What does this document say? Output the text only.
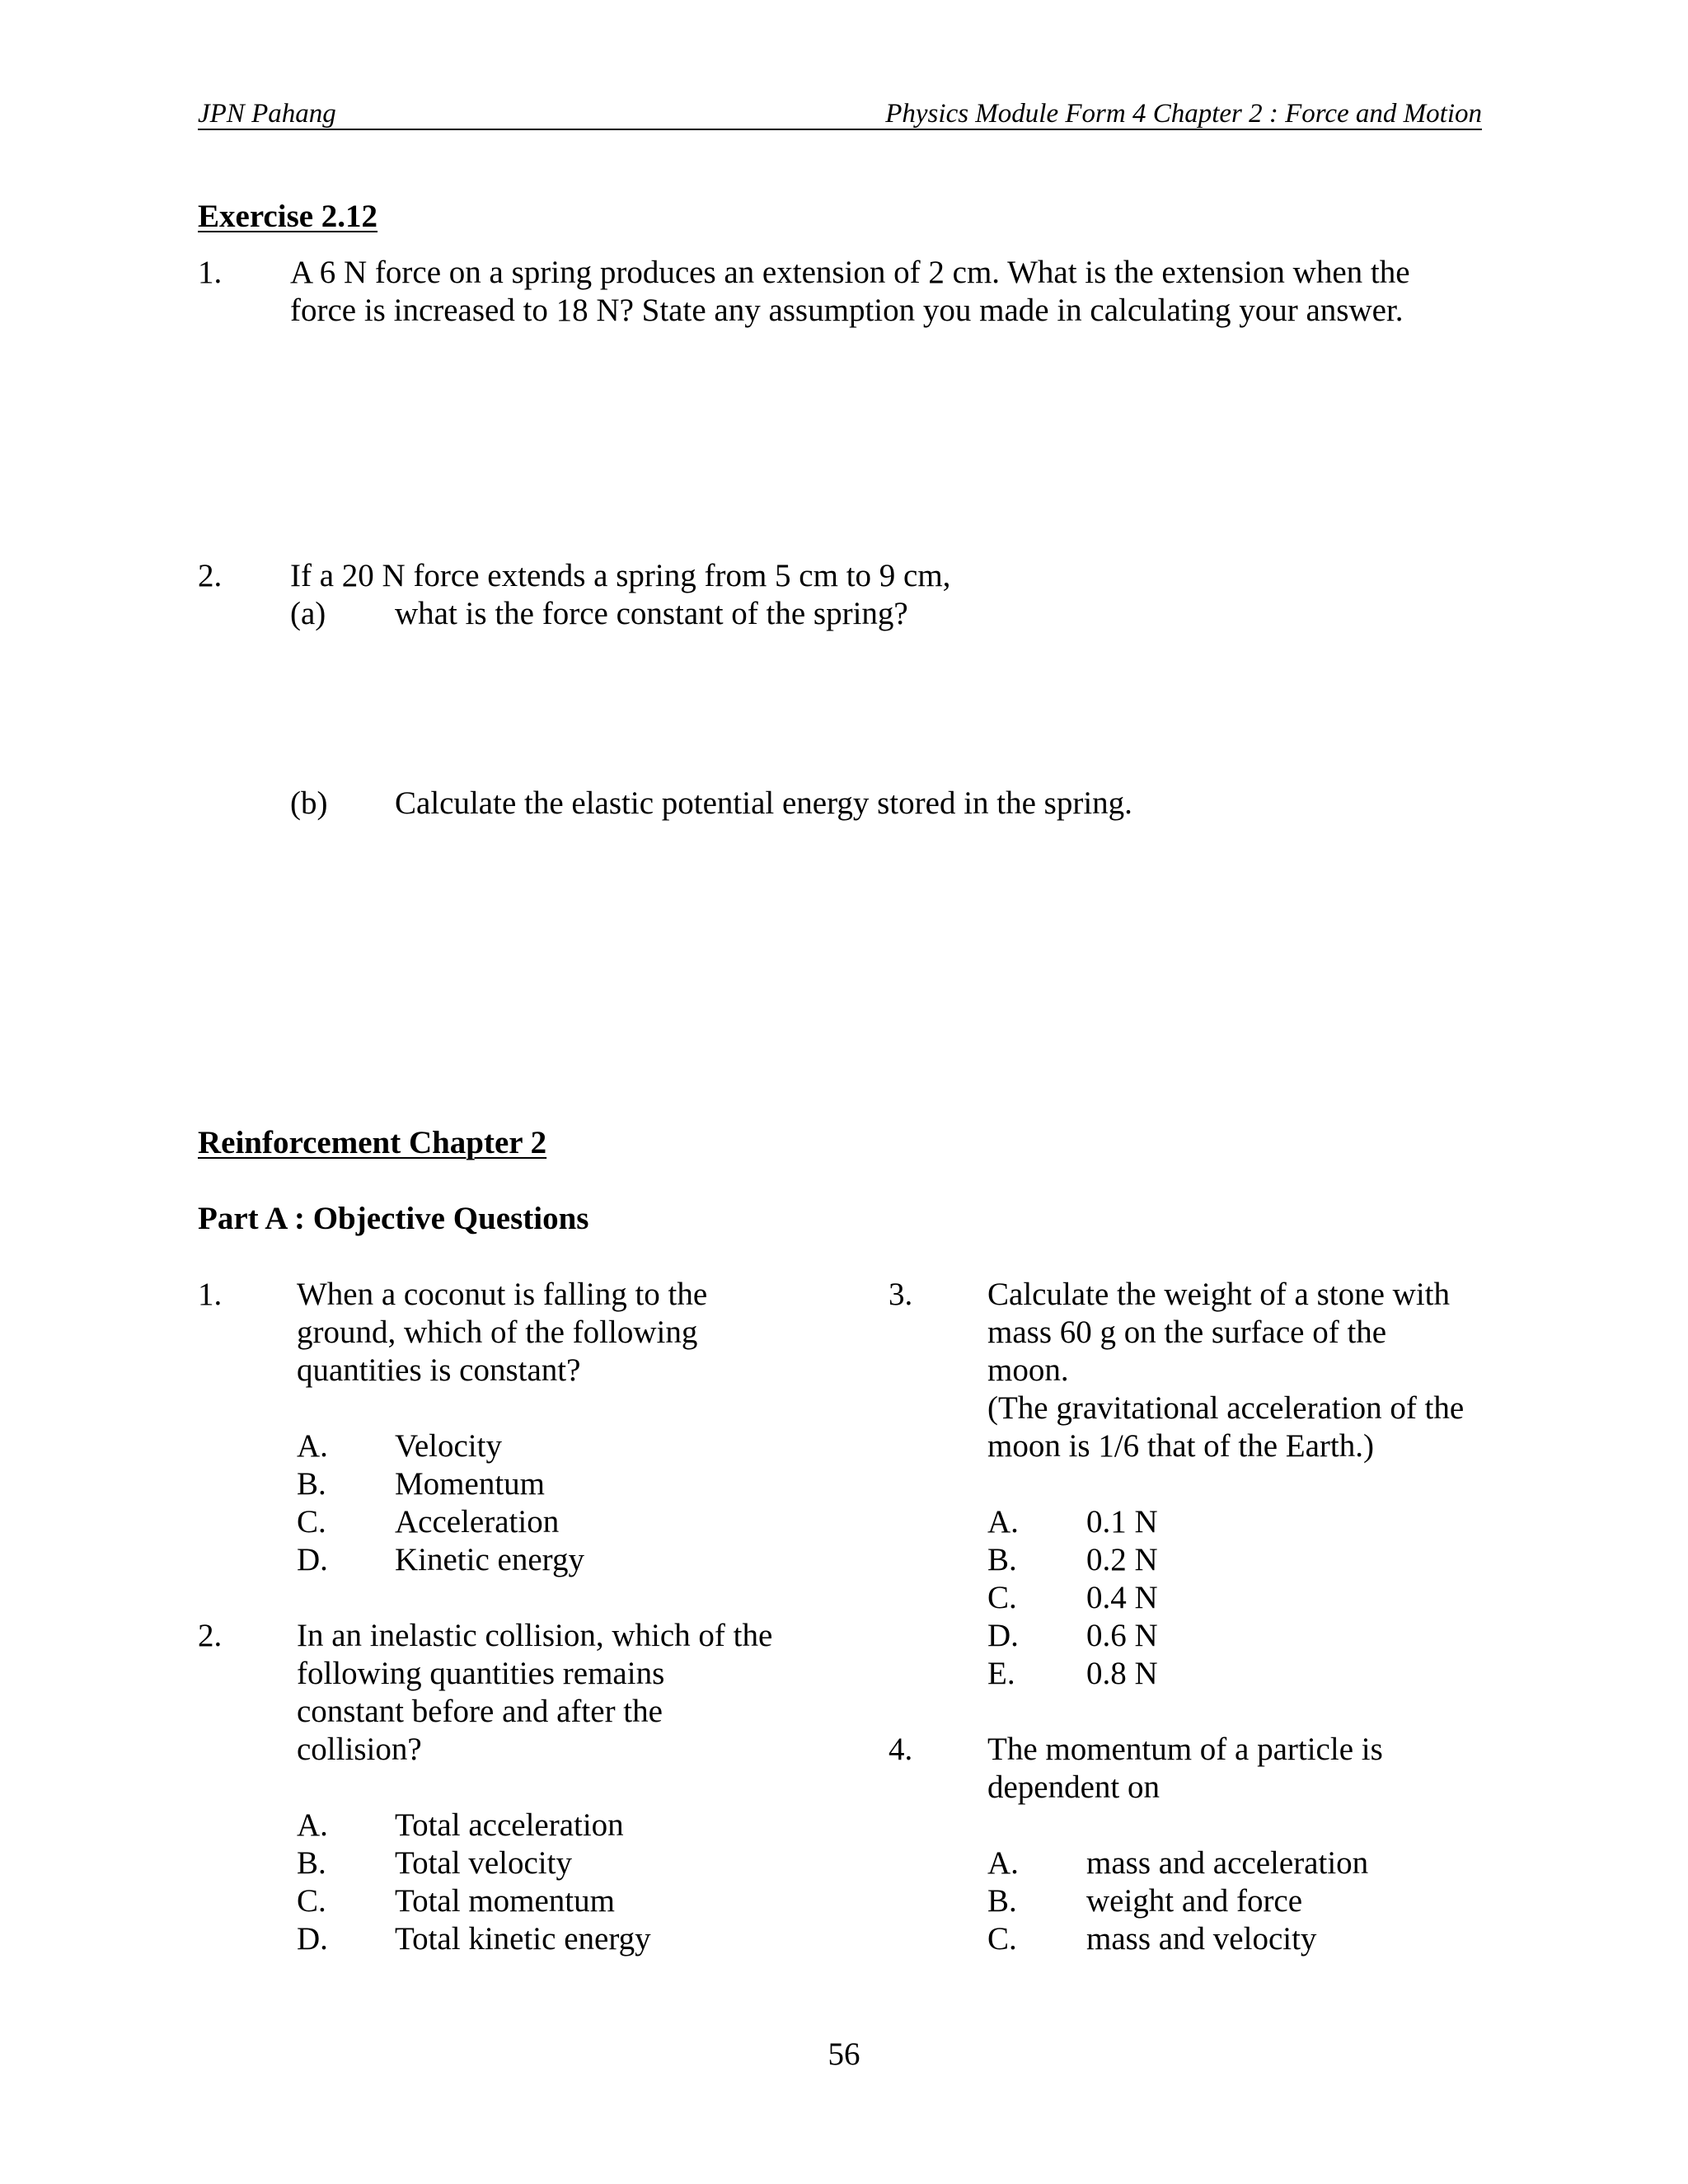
JPN Pahang	Physics Module Form 4 Chapter 2 : Force and Motion
Exercise 2.12
1. A 6 N force on a spring produces an extension of 2 cm. What is the extension when the
force is increased to 18 N? State any assumption you made in calculating your answer.
2. If a 20 N force extends a spring from 5 cm to 9 cm,
(a) what is the force constant of the spring?
(b) Calculate the elastic potential energy stored in the spring.
Reinforcement Chapter 2
Part A : Objective Questions
1. When a coconut is falling to the
ground, which of the following
quantities is constant?
A. Velocity
B. Momentum
C. Acceleration
D. Kinetic energy
2. In an inelastic collision, which of the
following quantities remains
constant before and after the
collision?
A. Total acceleration
B. Total velocity
C. Total momentum
D. Total kinetic energy
3. Calculate the weight of a stone with
mass 60 g on the surface of the
moon.
(The gravitational acceleration of the
moon is 1/6 that of the Earth.)
A. 0.1 N
B. 0.2 N
C. 0.4 N
D. 0.6 N
E. 0.8 N
4. The momentum of a particle is
dependent on
A. mass and acceleration
B. weight and force
C. mass and velocity
56
